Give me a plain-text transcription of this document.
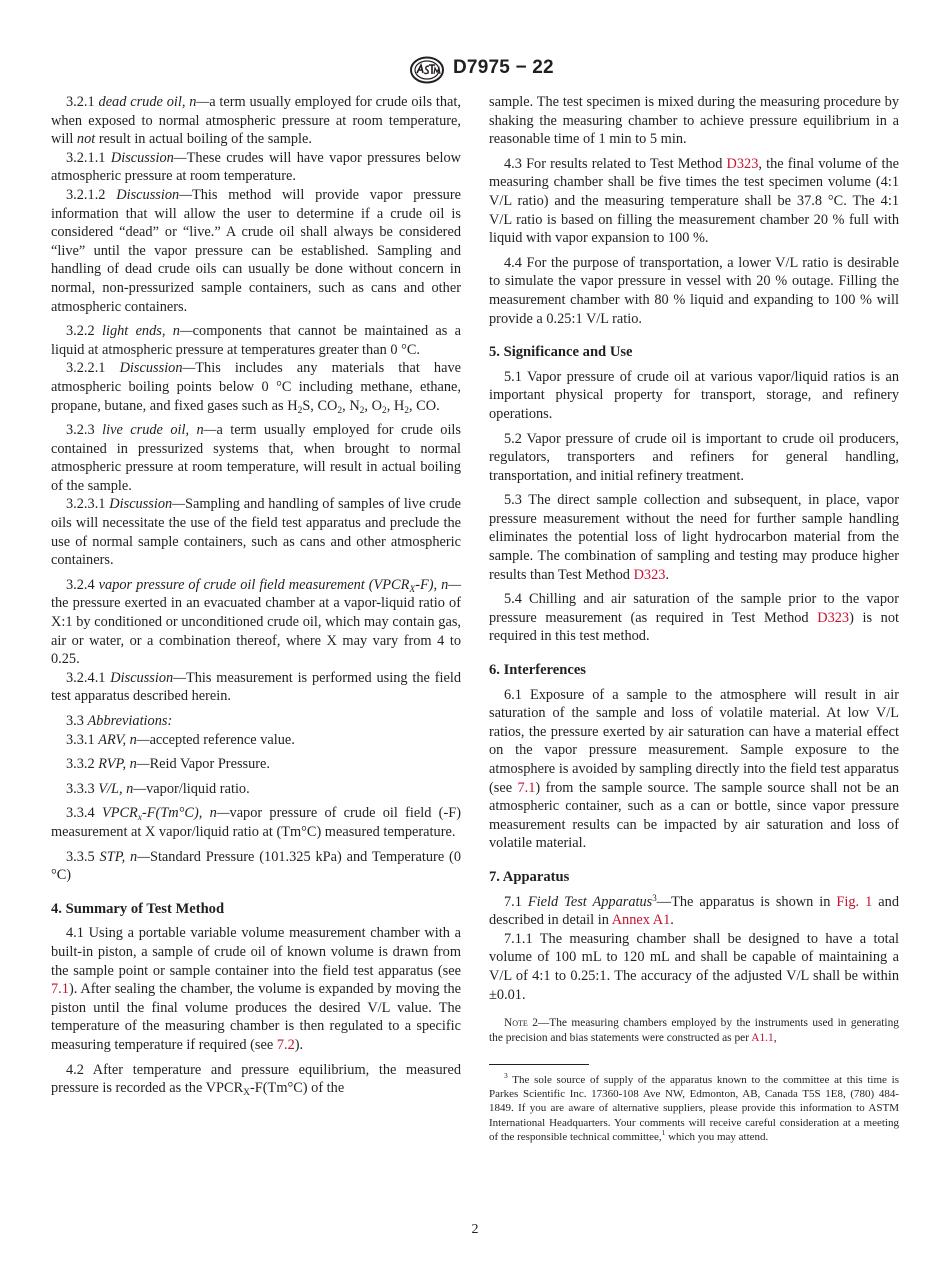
D7975 − 22

3.2.1 dead crude oil, n—a term usually employed for crude oils that, when exposed to normal atmospheric pressure at room temperature, will not result in actual boiling of the sample.

3.2.1.1 Discussion—These crudes will have vapor pressures below atmospheric pressure at room temperature.

3.2.1.2 Discussion—This method will provide vapor pressure information that will allow the user to determine if a crude oil is considered “dead” or “live.” A crude oil shall always be considered “live” until the vapor pressure can be established. Sampling and handling of dead crude oils can usually be done without concern in normal, non-pressurized sample containers, such as cans and other atmospheric containers.

3.2.2 light ends, n—components that cannot be maintained as a liquid at atmospheric pressure at temperatures greater than 0 °C.

3.2.2.1 Discussion—This includes any materials that have atmospheric boiling points below 0 °C including methane, ethane, propane, butane, and fixed gases such as $H_2S$, $CO_2$, $N_2$, $O_2$, $H_2$, CO.

3.2.3 live crude oil, n—a term usually employed for crude oils contained in pressurized systems that, when brought to normal atmospheric pressure at room temperature, will result in actual boiling of the sample.

3.2.3.1 Discussion—Sampling and handling of samples of live crude oils will necessitate the use of the field test apparatus and preclude the use of normal sample containers, such as cans and other atmospheric containers.

3.2.4 vapor pressure of crude oil field measurement $(VPCR_X-F)$, n—the pressure exerted in an evacuated chamber at a vapor-liquid ratio of X:1 by conditioned or unconditioned crude oil, which may contain gas, air or water, or a combination thereof, where X may vary from 4 to 0.25.

3.2.4.1 Discussion—This measurement is performed using the field test apparatus described herein.

3.3 Abbreviations:

3.3.1 ARV, n—accepted reference value.

3.3.2 RVP, n—Reid Vapor Pressure.

3.3.3 V/L, n—vapor/liquid ratio.

3.3.4 $VPCR_x-F(Tm^\circ C)$, n—vapor pressure of crude oil field (-F) measurement at X vapor/liquid ratio at (Tm°C) measured temperature.

3.3.5 STP, n—Standard Pressure (101.325 kPa) and Temperature (0 °C)

4. Summary of Test Method

4.1 Using a portable variable volume measurement chamber with a built-in piston, a sample of crude oil of known volume is drawn from the sample point or sample container into the field test apparatus (see 7.1). After sealing the chamber, the volume is expanded by moving the piston until the final volume produces the desired V/L value. The temperature of the measuring chamber is then regulated to a specific measuring temperature if required (see 7.2).

4.2 After temperature and pressure equilibrium, the measured pressure is recorded as the $VPCR_X-F(Tm^\circ C)$ of the

sample. The test specimen is mixed during the measuring procedure by shaking the measuring chamber to achieve pressure equilibrium in a reasonable time of 1 min to 5 min.

4.3 For results related to Test Method D323, the final volume of the measuring chamber shall be five times the test specimen volume (4:1 V/L ratio) and the measuring temperature shall be 37.8 °C. The 4:1 V/L ratio is based on filling the measurement chamber 20 % full with liquid with vapor expansion to 100 %.

4.4 For the purpose of transportation, a lower V/L ratio is desirable to simulate the vapor pressure in vessel with 20 % outage. Filling the measurement chamber with 80 % liquid and expanding to 100 % will provide a 0.25:1 V/L ratio.

5. Significance and Use

5.1 Vapor pressure of crude oil at various vapor/liquid ratios is an important physical property for transport, storage, and refinery operations.

5.2 Vapor pressure of crude oil is important to crude oil producers, regulators, transporters and refiners for general handling, transportation, and initial refinery treatment.

5.3 The direct sample collection and subsequent, in place, vapor pressure measurement without the need for further sample handling eliminates the potential loss of light hydrocarbon material from the sample. The combination of sampling and testing may produce higher results than Test Method D323.

5.4 Chilling and air saturation of the sample prior to the vapor pressure measurement (as required in Test Method D323) is not required in this test method.

6. Interferences

6.1 Exposure of a sample to the atmosphere will result in air saturation of the sample and loss of volatile material. At low V/L ratios, the pressure exerted by air saturation can have a material effect on the vapor pressure measurement. Sample exposure to the atmosphere is avoided by sampling directly into the field test apparatus (see 7.1) from the sample source. The sample source shall not be an atmospheric container, such as a can or bottle, since vapor pressure measurement results can be impacted by air saturation and loss of volatile material.

7. Apparatus

7.1 Field Test Apparatus$^3$—The apparatus is shown in Fig. 1 and described in detail in Annex A1.

7.1.1 The measuring chamber shall be designed to have a total volume of 100 mL to 120 mL and shall be capable of maintaining a V/L of 4:1 to 0.25:1. The accuracy of the adjusted V/L shall be within ±0.01.

Note 2—The measuring chambers employed by the instruments used in generating the precision and bias statements were constructed as per A1.1,

$^3$ The sole source of supply of the apparatus known to the committee at this time is Parkes Scientific Inc. 17360-108 Ave NW, Edmonton, AB, Canada T5S 1E8, (780) 484-1849. If you are aware of alternative suppliers, please provide this information to ASTM International Headquarters. Your comments will receive careful consideration at a meeting of the responsible technical committee,$^1$ which you may attend.

2
